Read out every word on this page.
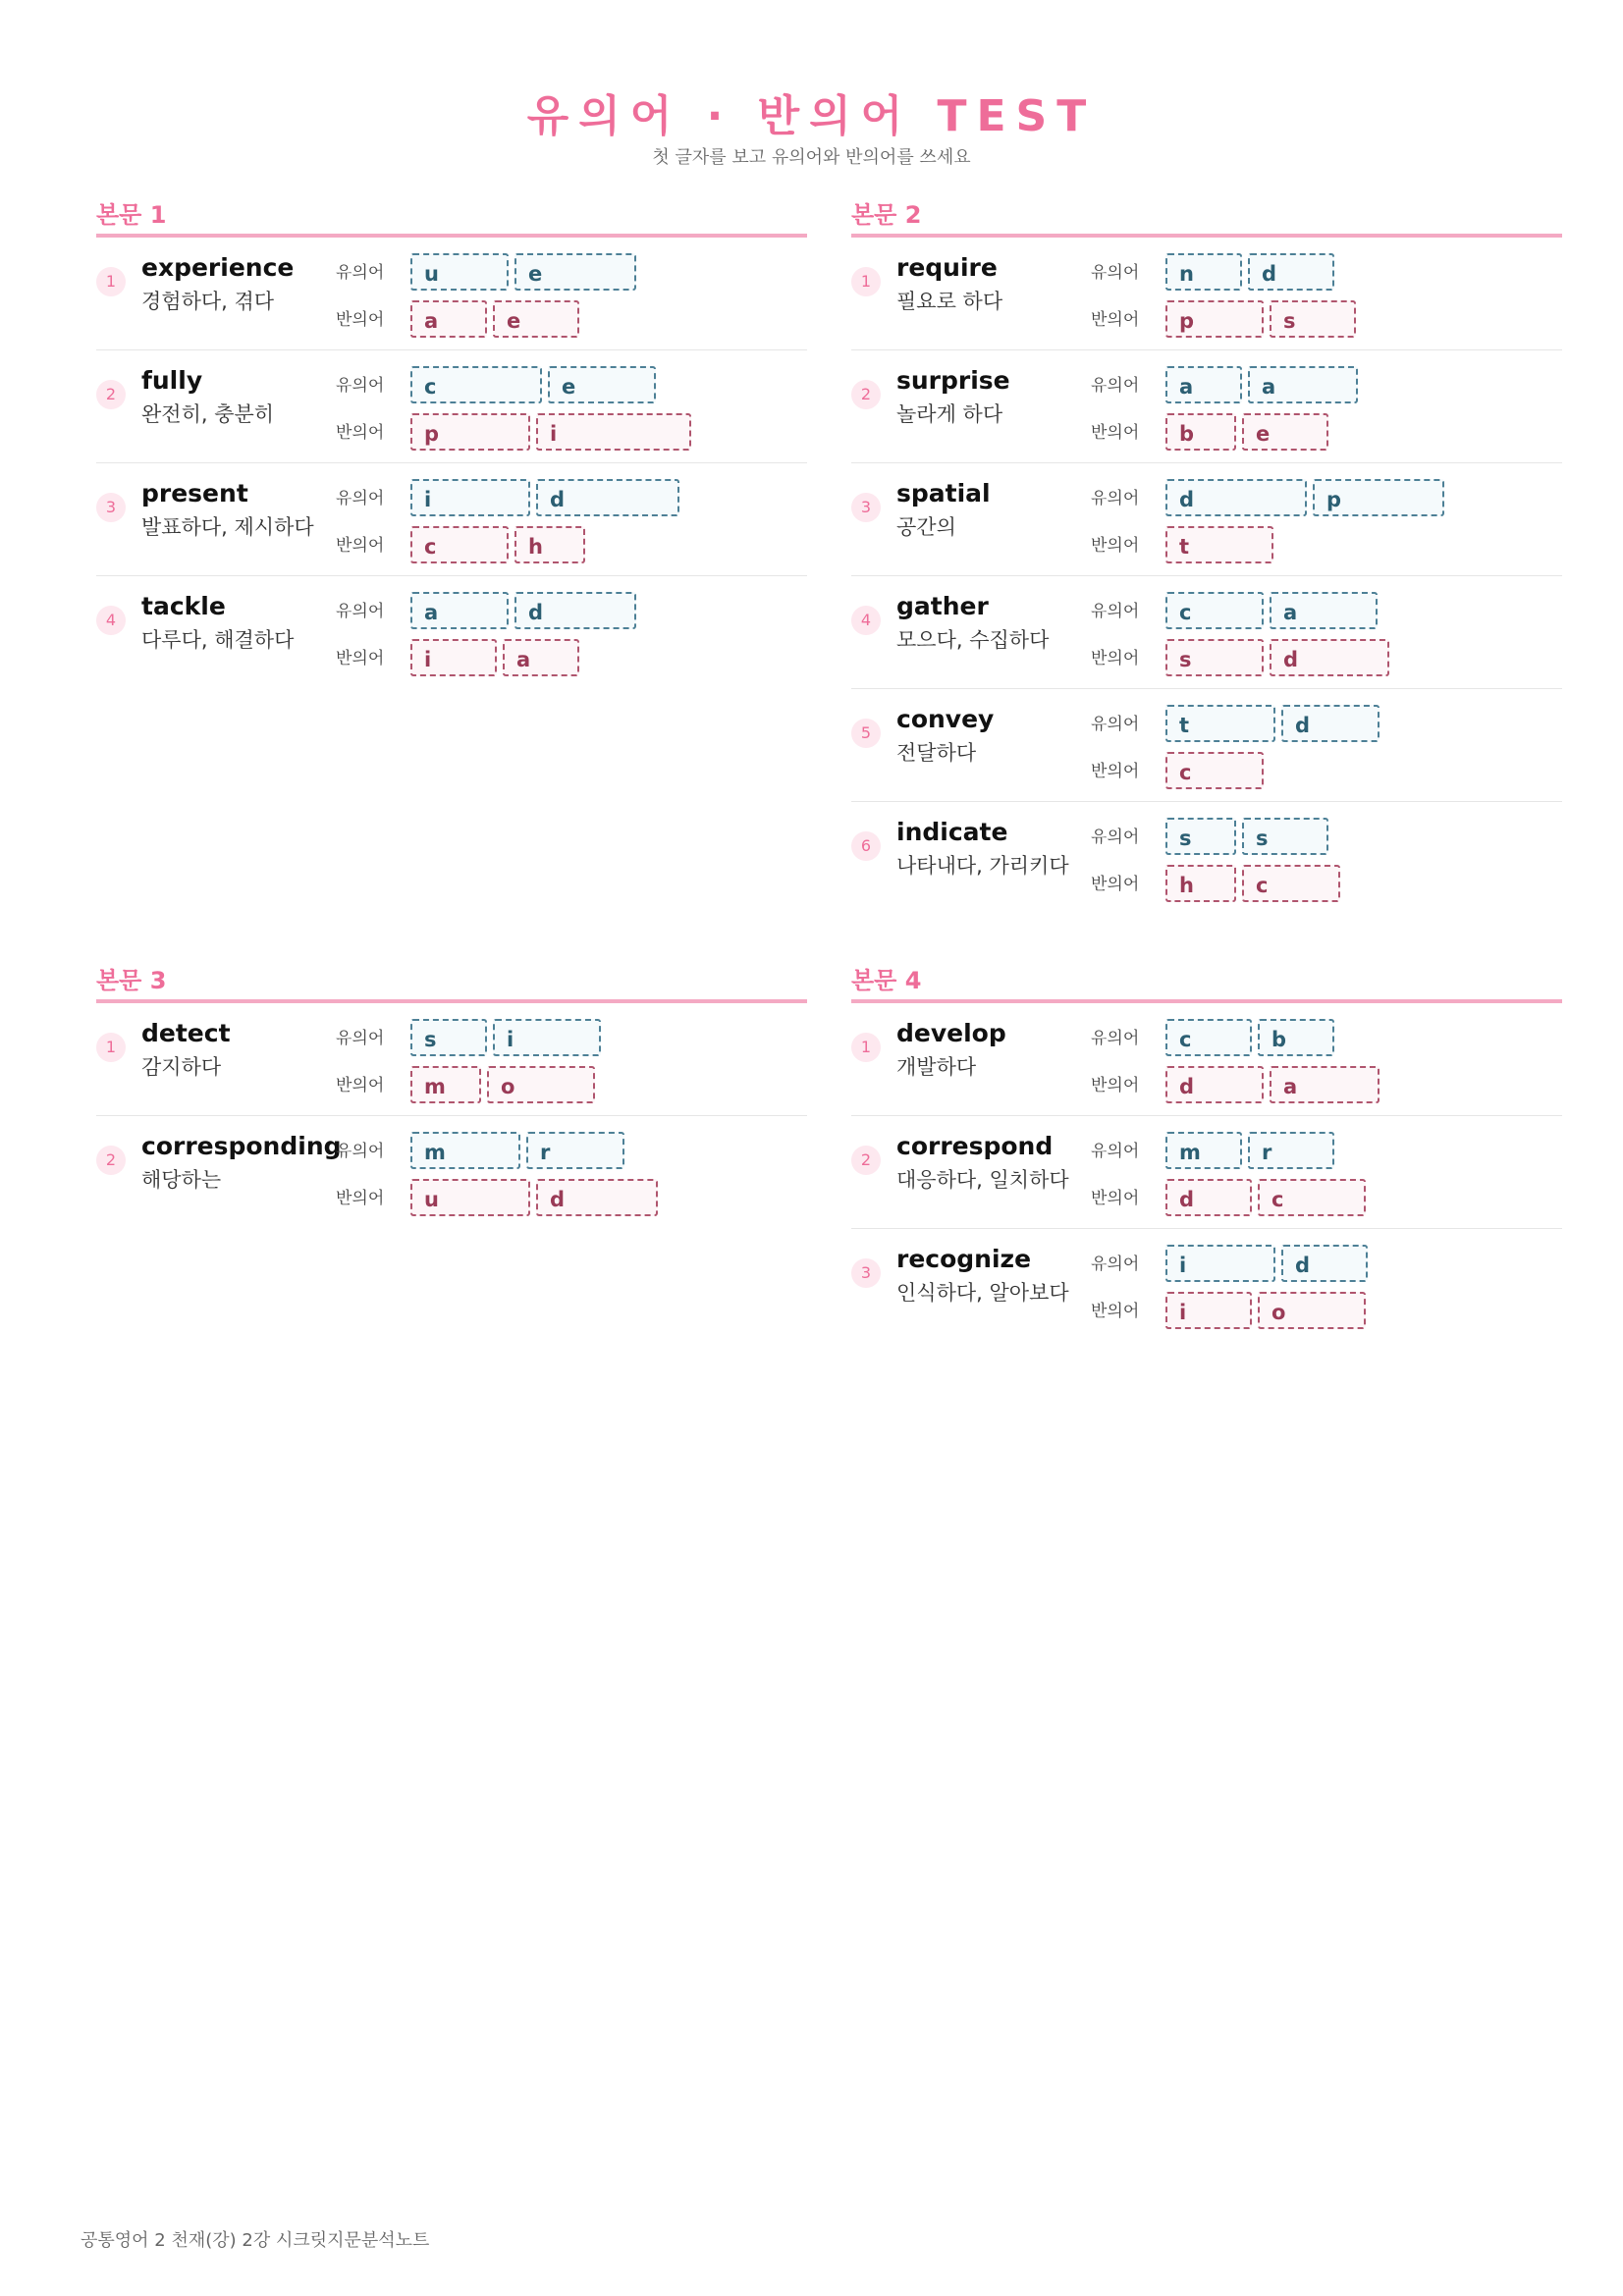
유의어 · 반의어 TEST
첫 글자를 보고 유의어와 반의어를 쓰세요
본문 1
1	experience
경험하다, 겪다
유의어	u	e
반의어	a	e
2	fully
완전히, 충분히
유의어	c	e
반의어	p	i
3	present
발표하다, 제시하다
유의어	i	d
반의어	c	h
4	tackle
다루다, 해결하다
유의어	a	d
반의어	i	a
본문 2
1	require
필요로 하다
유의어	n	d
반의어	p	s
2	surprise
놀라게 하다
유의어	a	a
반의어	b	e
3	spatial
공간의
유의어	d	p
반의어	t
4	gather
모으다, 수집하다
유의어	c	a
반의어	s	d
5	convey
전달하다
유의어	t	d
반의어	c
6	indicate
나타내다, 가리키다
유의어	s	s
반의어	h	c
본문 3
1	detect
감지하다
유의어	s	i
반의어	m	o
2	corresponding
해당하는
유의어	m	r
반의어	u	d
본문 4
1	develop
개발하다
유의어	c	b
반의어	d	a
2	correspond
대응하다, 일치하다
유의어	m	r
반의어	d	c
3	recognize
인식하다, 알아보다
유의어	i	d
반의어	i	o
공통영어 2 천재(강) 2강 시크릿지문분석노트
